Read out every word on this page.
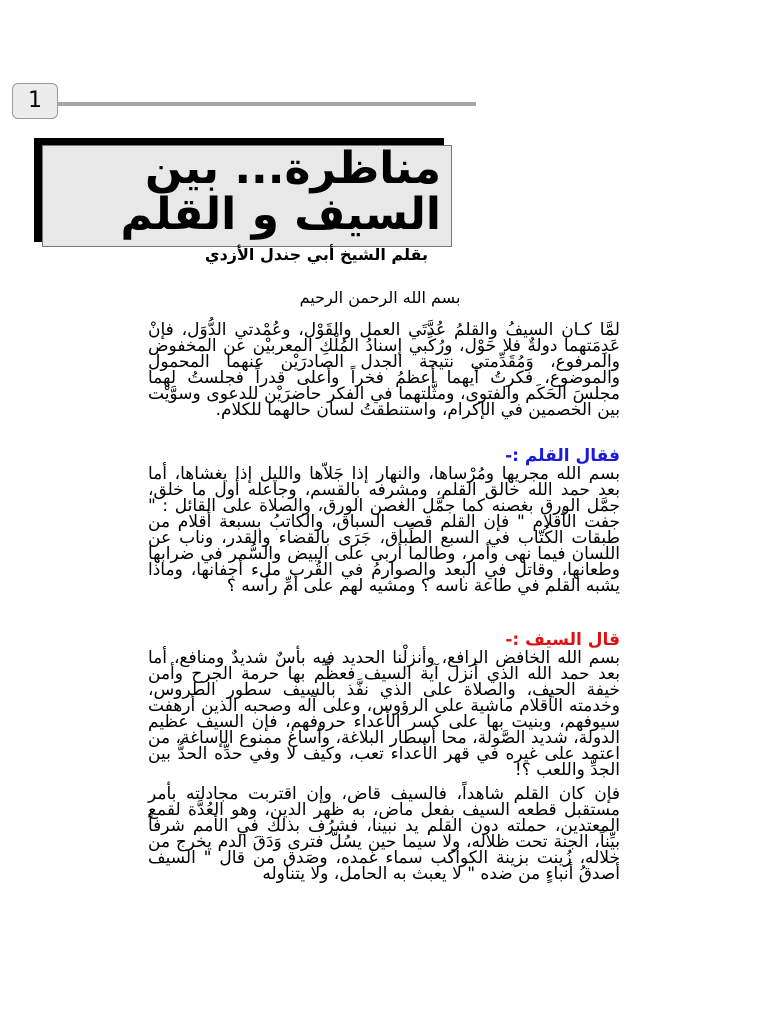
1
مناظرة... بين
السيف و القلم
بقلم الشيخ أبي جندل الأزدي
بسم الله الرحمن الرحيم
لمَّا كـان السيفُ والقلمُ عُدَّتَي العمل والقَوْل، وعُمْدتي الدُّوَل، فإنْ عَدِمَتهما دولةٌ فلا حَوْل، ورُكِّبي إسنادُ المُلْكِ المعربيْن عن المخفوض والمرفوع، وَمُقَدِّمتي نتيجة الجدل الصادرَيْن عنهما المحمول والموضوع، فكرتُ أيهما أعظمُ فخراً وأعلى قدراً فجلستُ لهما مجلسَ الحَكَم والفتوى، ومثَّلتهما في الفكر حاضرَيْن للدعوى وسوَّيْت بين الخصمين في الإكرام، واستنطقتُ لسان حالهما للكلام.
فقال القلم :-
بسم الله مجريها ومُرْساها، والنهار إذا جَلاّها والليل إذا يغشاها، أما بعد حمد الله خالق القلم، ومشرفه بالقسم، وجاعله أول ما خلق، جمَّل الورق بغصنه كما جمَّل الغصن الورق، والصلاة على القائل : " جفت الأقلام " فإن القلم قصب السباق، والكاتبُ بسبعة أقلام من طبقات الكُتّاب في السبع الطِّباق، جَرَى بالقضاء والقدر، وناب عن اللسان فيما نهى وأمر، وطالما أربى على البيض والسُّمر في ضرابها وطعانها، وقاتل في البعد والصوارمُ في القُرب ملء أجفانها، وماذا يشبه القلم في طاعة ناسه ؟ ومشيه لهم على أمِّ رأسه ؟
قال السيف :-
بسم الله الخافض الرافع، وأنزلْنا الحديد فيه بأسٌ شديدٌ ومنافع، أما بعد حمد الله الذي أنزل آية السيف فعظَّم بها حرمة الجرح وأمن خيفة الحيف، والصلاة على الذي نفَّذ بالسيف سطور الطروس، وخدمته الأقلام ماشية على الرؤوس، وعلى آله وصحبه الذين أرهفت سيوفهم، وبنيت بها على كسر الأعداء حروفهم، فإن السيف عظيم الدولة، شديد الصَّولة، محا أسطار البلاغة، وأساغ ممنوع الإساغة، من اعتمد على غيره في قهر الأعداء تعب، وكيف لا وفي حدِّه الحدُّ بين الجدِّ واللعب ؟!
فإن كان القلم شاهداً، فالسيف قاض، وإن اقتربت مجادلته بأمر مستقبل قطعه السيف بفعل ماض، به ظهر الدين، وهو العُدَّة لقمع المعتدين، حملته دون القلم يد نبينا، فشرُف بذلك في الأمم شرفاً بيِّناً، الجنة تحت ظلاله، ولا سيما حين يسُلّ فترى وَدَقَ الدم يخرج من خلاله، زُينت بزينة الكواكب سماء غمده، وصَدق من قال " السيف أصدقُ أنباءٍ من ضده " لا يعبث به الحامل، ولا يتناوله
